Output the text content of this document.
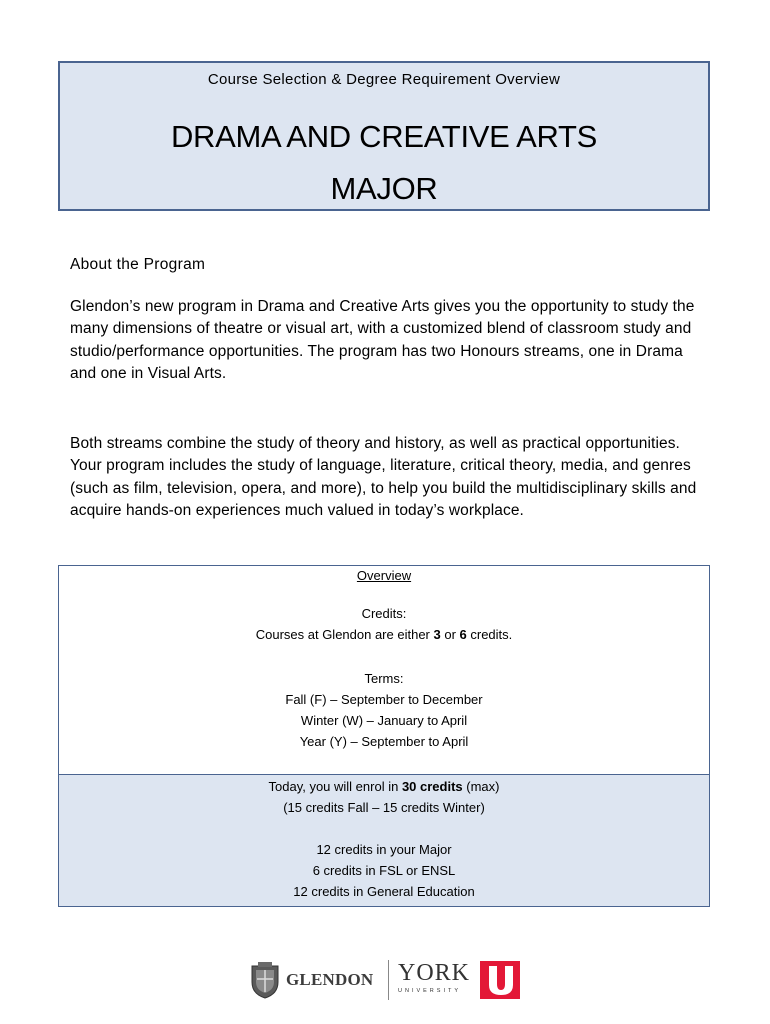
Course Selection & Degree Requirement Overview
DRAMA AND CREATIVE ARTS
MAJOR
About the Program

Glendon’s new program in Drama and Creative Arts gives you the opportunity to study the many dimensions of theatre or visual art, with a customized blend of classroom study and studio/performance opportunities. The program has two Honours streams, one in Drama and one in Visual Arts.

Both streams combine the study of theory and history, as well as practical opportunities. Your program includes the study of language, literature, critical theory, media, and genres (such as film, television, opera, and more), to help you build the multidisciplinary skills and acquire hands-on experiences much valued in today’s workplace.

Overview
Credits:
Courses at Glendon are either 3 or 6 credits.
Terms:
Fall (F) – September to December
Winter (W) – January to April
Year (Y) – September to April
Today, you will enrol in 30 credits (max)
(15 credits Fall – 15 credits Winter)
12 credits in your Major
6 credits in FSL or ENSL
12 credits in General Education
GLENDON YORK
UNIVERSITY
